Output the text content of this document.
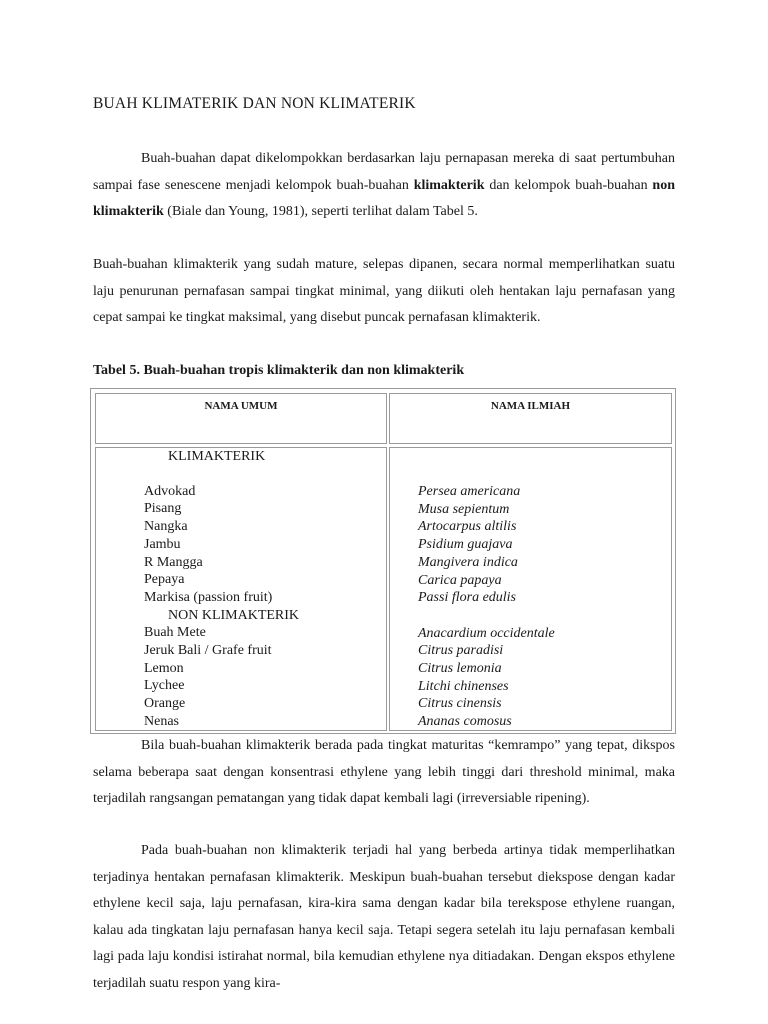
BUAH KLIMATERIK DAN NON KLIMATERIK

Buah-buahan dapat dikelompokkan berdasarkan laju pernapasan mereka di saat pertumbuhan sampai fase senescene menjadi kelompok buah-buahan klimakterik dan kelompok buah-buahan non klimakterik (Biale dan Young, 1981), seperti terlihat dalam Tabel 5.

Buah-buahan klimakterik yang sudah mature, selepas dipanen, secara normal memperlihatkan suatu laju penurunan pernafasan sampai tingkat minimal, yang diikuti oleh hentakan laju pernafasan yang cepat sampai ke tingkat maksimal, yang disebut puncak pernafasan klimakterik.

Tabel 5. Buah-buahan tropis klimakterik dan non klimakterik

NAMA UMUM	NAMA ILMIAH
KLIMAKTERIK
Advokad
Pisang
Nangka
Jambu
R Mangga
Pepaya
Markisa (passion fruit)
NON KLIMAKTERIK
Buah Mete
Jeruk Bali / Grafe fruit
Lemon
Lychee
Orange
Nenas
Persea americana
Musa sepientum
Artocarpus altilis
Psidium guajava
Mangivera indica
Carica papaya
Passi flora edulis
Anacardium occidentale
Citrus paradisi
Citrus lemonia
Litchi chinenses
Citrus cinensis
Ananas comosus

Bila buah-buahan klimakterik berada pada tingkat maturitas “kemrampo” yang tepat, dikspos selama beberapa saat dengan konsentrasi ethylene yang lebih tinggi dari threshold minimal, maka terjadilah rangsangan pematangan yang tidak dapat kembali lagi (irreversiable ripening).

Pada buah-buahan non klimakterik terjadi hal yang berbeda artinya tidak memperlihatkan terjadinya hentakan pernafasan klimakterik. Meskipun buah-buahan tersebut diekspose dengan kadar ethylene kecil saja, laju pernafasan, kira-kira sama dengan kadar bila terekspose ethylene ruangan, kalau ada tingkatan laju pernafasan hanya kecil saja. Tetapi segera setelah itu laju pernafasan kembali lagi pada laju kondisi istirahat normal, bila kemudian ethylene nya ditiadakan. Dengan ekspos ethylene terjadilah suatu respon yang kira-
